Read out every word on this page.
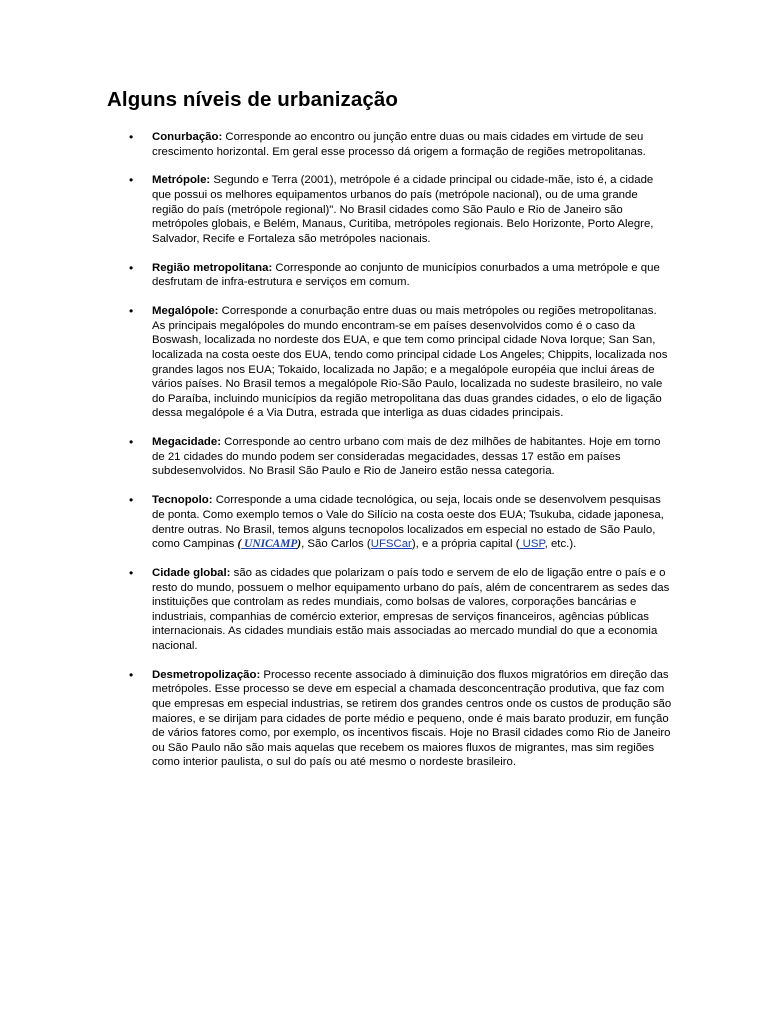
Alguns níveis de urbanização
• Conurbação: Corresponde ao encontro ou junção entre duas ou mais cidades em virtude de seu crescimento horizontal. Em geral esse processo dá origem a formação de regiões metropolitanas.
• Metrópole: Segundo e Terra (2001), metrópole é a cidade principal ou cidade-mãe, isto é, a cidade que possui os melhores equipamentos urbanos do país (metrópole nacional), ou de uma grande região do país (metrópole regional)". No Brasil cidades como São Paulo e Rio de Janeiro são metrópoles globais, e Belém, Manaus, Curitiba, metrópoles regionais. Belo Horizonte, Porto Alegre, Salvador, Recife e Fortaleza são metrópoles nacionais.
• Região metropolitana: Corresponde ao conjunto de municípios conurbados a uma metrópole e que desfrutam de infra-estrutura e serviços em comum.
• Megalópole: Corresponde a conurbação entre duas ou mais metrópoles ou regiões metropolitanas. As principais megalópoles do mundo encontram-se em países desenvolvidos como é o caso da Boswash, localizada no nordeste dos EUA, e que tem como principal cidade Nova Iorque; San San, localizada na costa oeste dos EUA, tendo como principal cidade Los Angeles; Chippits, localizada nos grandes lagos nos EUA; Tokaido, localizada no Japão; e a megalópole européia que inclui áreas de vários países. No Brasil temos a megalópole Rio-São Paulo, localizada no sudeste brasileiro, no vale do Paraíba, incluindo municípios da região metropolitana das duas grandes cidades, o elo de ligação dessa megalópole é a Via Dutra, estrada que interliga as duas cidades principais.
• Megacidade: Corresponde ao centro urbano com mais de dez milhões de habitantes. Hoje em torno de 21 cidades do mundo podem ser consideradas megacidades, dessas 17 estão em países subdesenvolvidos. No Brasil São Paulo e Rio de Janeiro estão nessa categoria.
• Tecnopolo: Corresponde a uma cidade tecnológica, ou seja, locais onde se desenvolvem pesquisas de ponta. Como exemplo temos o Vale do Silício na costa oeste dos EUA; Tsukuba, cidade japonesa, dentre outras. No Brasil, temos alguns tecnopolos localizados em especial no estado de São Paulo, como Campinas ( UNICAMP), São Carlos (UFSCar), e a própria capital ( USP, etc.).
• Cidade global: são as cidades que polarizam o país todo e servem de elo de ligação entre o país e o resto do mundo, possuem o melhor equipamento urbano do país, além de concentrarem as sedes das instituições que controlam as redes mundiais, como bolsas de valores, corporações bancárias e industriais, companhias de comércio exterior, empresas de serviços financeiros, agências públicas internacionais. As cidades mundiais estão mais associadas ao mercado mundial do que a economia nacional.
• Desmetropolização: Processo recente associado à diminuição dos fluxos migratórios em direção das metrópoles. Esse processo se deve em especial a chamada desconcentração produtiva, que faz com que empresas em especial industrias, se retirem dos grandes centros onde os custos de produção são maiores, e se dirijam para cidades de porte médio e pequeno, onde é mais barato produzir, em função de vários fatores como, por exemplo, os incentivos fiscais. Hoje no Brasil cidades como Rio de Janeiro ou São Paulo não são mais aquelas que recebem os maiores fluxos de migrantes, mas sim regiões como interior paulista, o sul do país ou até mesmo o nordeste brasileiro.
